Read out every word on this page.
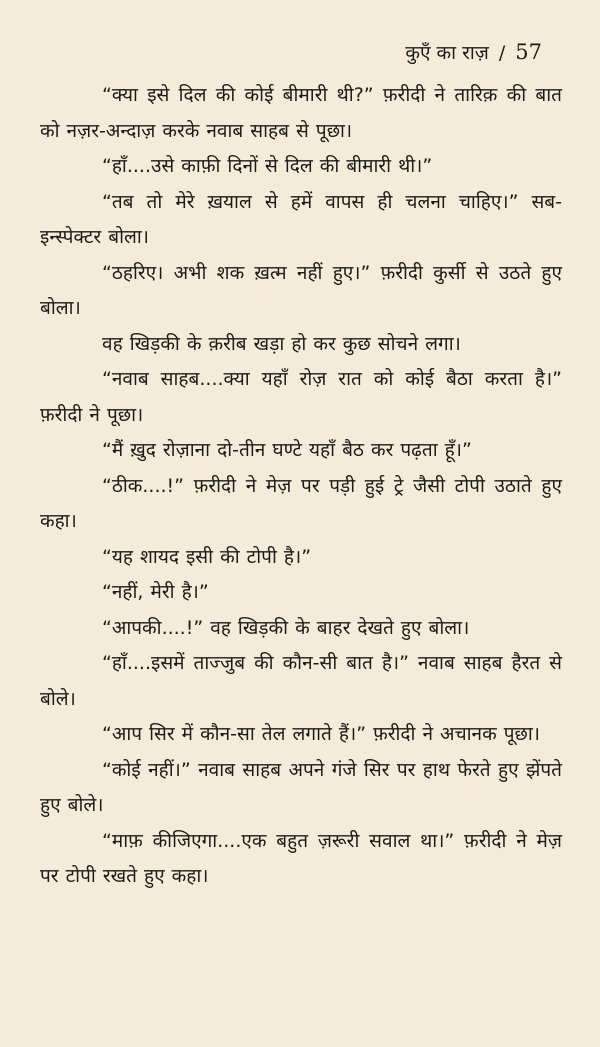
कुएँ का राज़ / 57

“क्या इसे दिल की कोई बीमारी थी?” फ़रीदी ने तारिक़ की बात को नज़र-अन्दाज़ करके नवाब साहब से पूछा।

“हाँ....उसे काफ़ी दिनों से दिल की बीमारी थी।”

“तब तो मेरे ख़याल से हमें वापस ही चलना चाहिए।” सब-इन्स्पेक्टर बोला।

“ठहरिए। अभी शक ख़त्म नहीं हुए।” फ़रीदी कुर्सी से उठते हुए बोला।

वह खिड़की के क़रीब खड़ा हो कर कुछ सोचने लगा।

“नवाब साहब....क्या यहाँ रोज़ रात को कोई बैठा करता है।” फ़रीदी ने पूछा।

“मैं ख़ुद रोज़ाना दो-तीन घण्टे यहाँ बैठ कर पढ़ता हूँ।”

“ठीक....!” फ़रीदी ने मेज़ पर पड़ी हुई ट्रे जैसी टोपी उठाते हुए कहा।

“यह शायद इसी की टोपी है।”

“नहीं, मेरी है।”

“आपकी....!” वह खिड़की के बाहर देखते हुए बोला।

“हाँ....इसमें ताज्जुब की कौन-सी बात है।” नवाब साहब हैरत से बोले।

“आप सिर में कौन-सा तेल लगाते हैं।” फ़रीदी ने अचानक पूछा।

“कोई नहीं।” नवाब साहब अपने गंजे सिर पर हाथ फेरते हुए झेंपते हुए बोले।

“माफ़ कीजिएगा....एक बहुत ज़रूरी सवाल था।” फ़रीदी ने मेज़ पर टोपी रखते हुए कहा।
